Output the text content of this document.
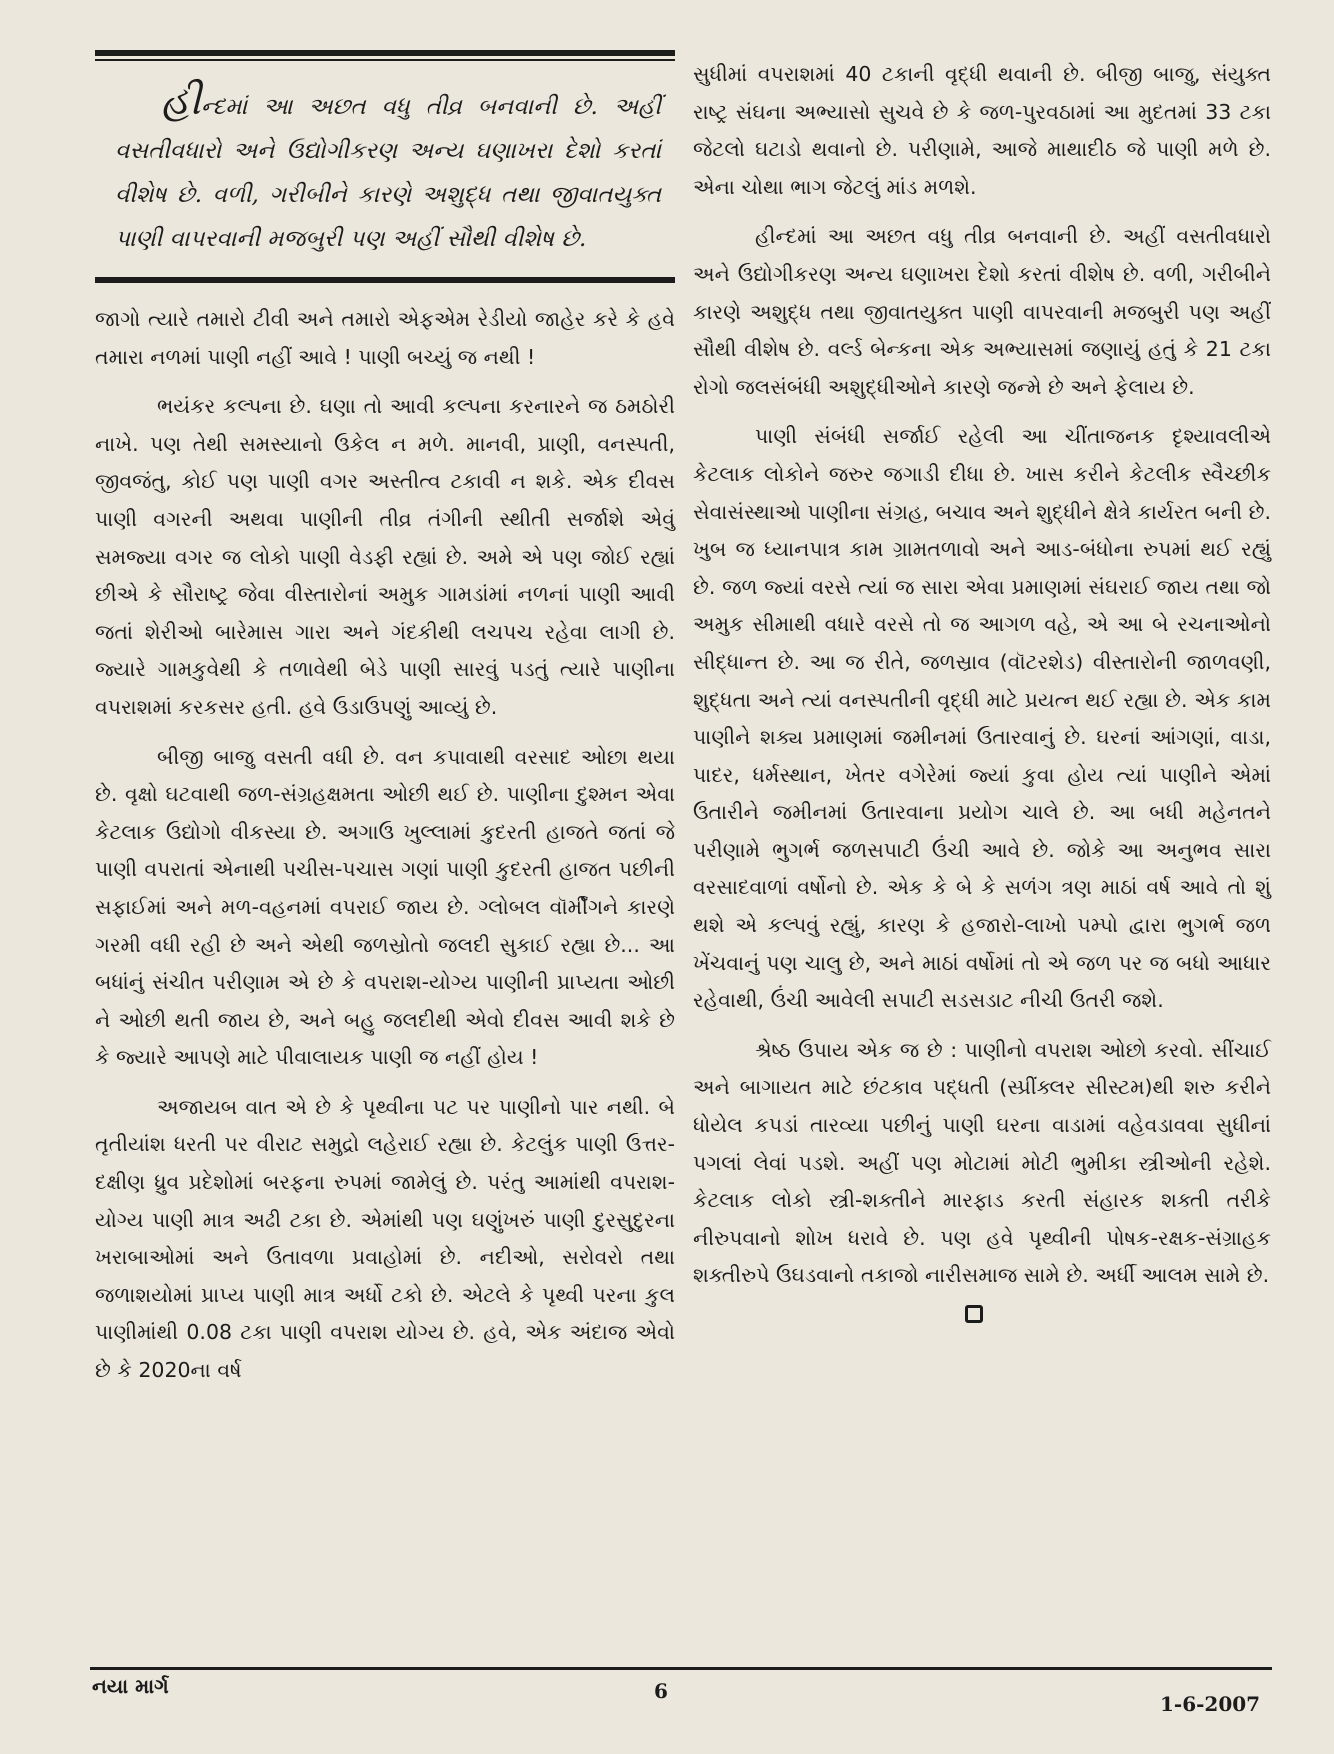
હીન્દમાં આ અછત વધુ તીવ્ર બનવાની છે. અહીં વસતીવધારો અને ઉદ્યોગીકરણ અન્ય ઘણાખરા દેશો કરતાં વીશેષ છે. વળી, ગરીબીને કારણે અશુદ્ધ તથા જીવાતયુક્ત પાણી વાપરવાની મજબુરી પણ અહીં સૌથી વીશેષ છે.

જાગો ત્યારે તમારો ટીવી અને તમારો એફએમ રેડીયો જાહેર કરે કે હવે તમારા નળમાં પાણી નહીં આવે ! પાણી બચ્યું જ નથી !

ભયંકર કલ્પના છે. ઘણા તો આવી કલ્પના કરનારને જ ઠમઠોરી નાખે. પણ તેથી સમસ્યાનો ઉકેલ ન મળે. માનવી, પ્રાણી, વનસ્પતી, જીવજંતુ, કોઈ પણ પાણી વગર અસ્તીત્વ ટકાવી ન શકે. એક દીવસ પાણી વગરની અથવા પાણીની તીવ્ર તંગીની સ્થીતી સર્જાશે એવું સમજ્યા વગર જ લોકો પાણી વેડફી રહ્યાં છે. અમે એ પણ જોઈ રહ્યાં છીએ કે સૌરાષ્ટ્ર જેવા વીસ્તારોનાં અમુક ગામડાંમાં નળનાં પાણી આવી જતાં શેરીઓ બારેમાસ ગારા અને ગંદકીથી લચપચ રહેવા લાગી છે. જ્યારે ગામકુવેથી કે તળાવેથી બેડે પાણી સારવું પડતું ત્યારે પાણીના વપરાશમાં કરકસર હતી. હવે ઉડાઉપણું આવ્યું છે.

બીજી બાજુ વસતી વધી છે. વન કપાવાથી વરસાદ ઓછા થયા છે. વૃક્ષો ઘટવાથી જળ-સંગ્રહક્ષમતા ઓછી થઈ છે. પાણીના દુશ્મન એવા કેટલાક ઉદ્યોગો વીકસ્યા છે. અગાઉ ખુલ્લામાં કુદરતી હાજતે જતાં જે પાણી વપરાતાં એનાથી પચીસ-પચાસ ગણાં પાણી કુદરતી હાજત પછીની સફાઈમાં અને મળ-વહનમાં વપરાઈ જાય છે. ગ્લોબલ વૉર્મીંગને કારણે ગરમી વધી રહી છે અને એથી જળસ્રોતો જલદી સુકાઈ રહ્યા છે... આ બધાંનું સંચીત પરીણામ એ છે કે વપરાશ-યોગ્ય પાણીની પ્રાપ્યતા ઓછી ને ઓછી થતી જાય છે, અને બહુ જલદીથી એવો દીવસ આવી શકે છે કે જ્યારે આપણે માટે પીવાલાયક પાણી જ નહીં હોય !

અજાયબ વાત એ છે કે પૃથ્વીના પટ પર પાણીનો પાર નથી. બે તૃતીયાંશ ધરતી પર વીરાટ સમુદ્રો લહેરાઈ રહ્યા છે. કેટલુંક પાણી ઉત્તર-દક્ષીણ ધ્રુવ પ્રદેશોમાં બરફના રુપમાં જામેલું છે. પરંતુ આમાંથી વપરાશ-યોગ્ય પાણી માત્ર અઢી ટકા છે. એમાંથી પણ ઘણુંખરું પાણી દુરસુદુરના ખરાબાઓમાં અને ઉતાવળા પ્રવાહોમાં છે. નદીઓ, સરોવરો તથા જળાશયોમાં પ્રાપ્ય પાણી માત્ર અર્ધો ટકો છે. એટલે કે પૃથ્વી પરના કુલ પાણીમાંથી 0.08 ટકા પાણી વપરાશ યોગ્ય છે. હવે, એક અંદાજ એવો છે કે 2020ના વર્ષ

સુધીમાં વપરાશમાં 40 ટકાની વૃદ્ધી થવાની છે. બીજી બાજુ, સંયુક્ત રાષ્ટ્ર સંઘના અભ્યાસો સુચવે છે કે જળ-પુરવઠામાં આ મુદતમાં 33 ટકા જેટલો ઘટાડો થવાનો છે. પરીણામે, આજે માથાદીઠ જે પાણી મળે છે. એના ચોથા ભાગ જેટલું માંડ મળશે.

હીન્દમાં આ અછત વધુ તીવ્ર બનવાની છે. અહીં વસતીવધારો અને ઉદ્યોગીકરણ અન્ય ઘણાખરા દેશો કરતાં વીશેષ છે. વળી, ગરીબીને કારણે અશુદ્ધ તથા જીવાતયુક્ત પાણી વાપરવાની મજબુરી પણ અહીં સૌથી વીશેષ છે. વર્લ્ડ બેન્કના એક અભ્યાસમાં જણાયું હતું કે 21 ટકા રોગો જલસંબંધી અશુદ્ધીઓને કારણે જન્મે છે અને ફેલાય છે.

પાણી સંબંધી સર્જાઈ રહેલી આ ચીંતાજનક દૃશ્યાવલીએ કેટલાક લોકોને જરુર જગાડી દીધા છે. ખાસ કરીને કેટલીક સ્વૈચ્છીક સેવાસંસ્થાઓ પાણીના સંગ્રહ, બચાવ અને શુદ્ધીને ક્ષેત્રે કાર્યરત બની છે. ખુબ જ ધ્યાનપાત્ર કામ ગ્રામતળાવો અને આડ-બંધોના રુપમાં થઈ રહ્યું છે. જળ જ્યાં વરસે ત્યાં જ સારા એવા પ્રમાણમાં સંઘરાઈ જાય તથા જો અમુક સીમાથી વધારે વરસે તો જ આગળ વહે, એ આ બે રચનાઓનો સીદ્ધાન્ત છે. આ જ રીતે, જળસ્રાવ (વૉટરશેડ) વીસ્તારોની જાળવણી, શુદ્ધતા અને ત્યાં વનસ્પતીની વૃદ્ધી માટે પ્રયત્ન થઈ રહ્યા છે. એક કામ પાણીને શક્ય પ્રમાણમાં જમીનમાં ઉતારવાનું છે. ઘરનાં આંગણાં, વાડા, પાદર, ધર્મસ્થાન, ખેતર વગેરેમાં જ્યાં કુવા હોય ત્યાં પાણીને એમાં ઉતારીને જમીનમાં ઉતારવાના પ્રયોગ ચાલે છે. આ બધી મહેનતને પરીણામે ભુગર્ભ જળસપાટી ઉંચી આવે છે. જોકે આ અનુભવ સારા વરસાદવાળાં વર્ષોનો છે. એક કે બે કે સળંગ ત્રણ માઠાં વર્ષ આવે તો શું થશે એ કલ્પવું રહ્યું, કારણ કે હજારો-લાખો પમ્પો દ્વારા ભુગર્ભ જળ ખેંચવાનું પણ ચાલુ છે, અને માઠાં વર્ષોમાં તો એ જળ પર જ બધો આધાર રહેવાથી, ઉંચી આવેલી સપાટી સડસડાટ નીચી ઉતરી જશે.

શ્રેષ્ઠ ઉપાય એક જ છે : પાણીનો વપરાશ ઓછો કરવો. સીંચાઈ અને બાગાયત માટે છંટકાવ પદ્ધતી (સ્પ્રીંક્લર સીસ્ટમ)થી શરુ કરીને ધોયેલ કપડાં તારવ્યા પછીનું પાણી ઘરના વાડામાં વહેવડાવવા સુધીનાં પગલાં લેવાં પડશે. અહીં પણ મોટામાં મોટી ભુમીકા સ્ત્રીઓની રહેશે. કેટલાક લોકો સ્ત્રી-શક્તીને મારફાડ કરતી સંહારક શક્તી તરીકે નીરુપવાનો શોખ ધરાવે છે. પણ હવે પૃથ્વીની પોષક-રક્ષક-સંગ્રાહક શક્તીરુપે ઉઘડવાનો તકાજો નારીસમાજ સામે છે. અર્ધી આલમ સામે છે.

નયા માર્ગ	6
1-6-2007
